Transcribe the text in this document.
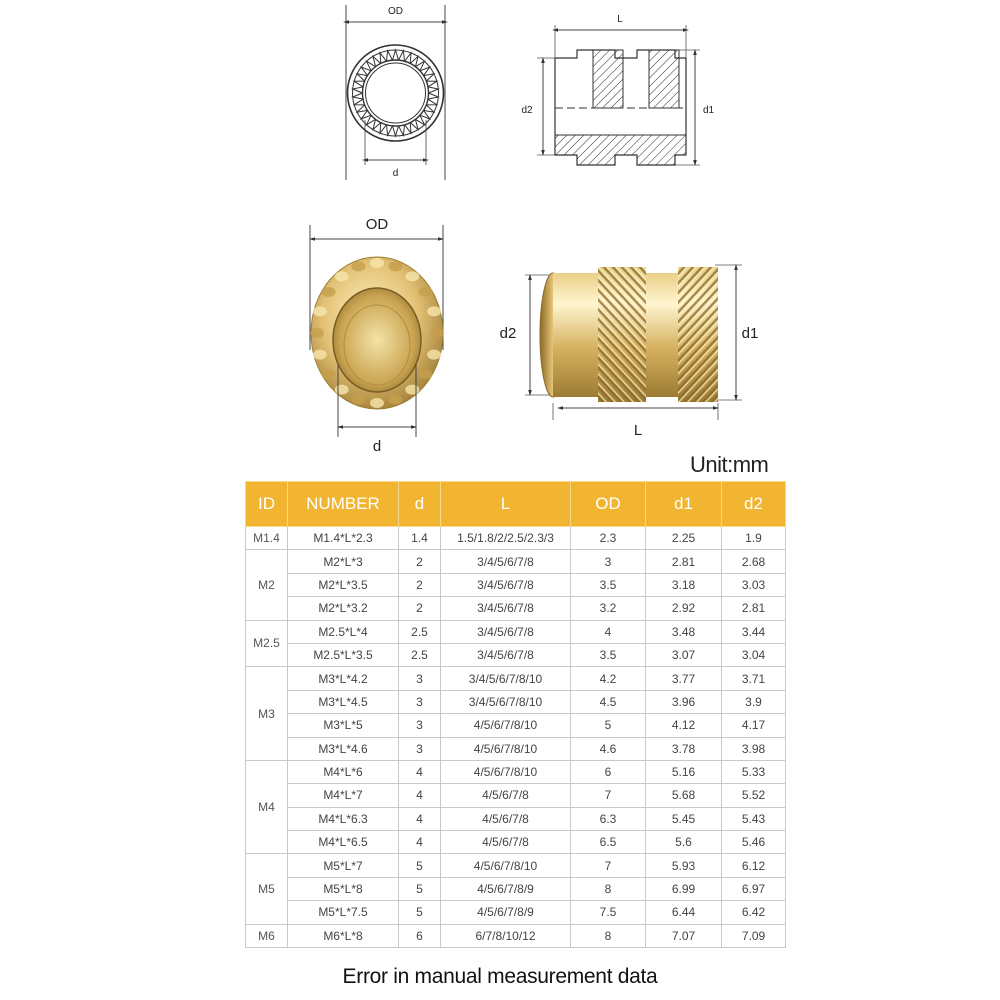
OD
d
L
d2	d1
OD
d
d2	d1
L
Unit:mm
ID	NUMBER	d	L	OD	d1	d2
M1.4	M1.4*L*2.3	1.4	1.5/1.8/2/2.5/2.3/3	2.3	2.25	1.9
M2	M2*L*3	2	3/4/5/6/7/8	3	2.81	2.68
	M2*L*3.5	2	3/4/5/6/7/8	3.5	3.18	3.03
	M2*L*3.2	2	3/4/5/6/7/8	3.2	2.92	2.81
M2.5	M2.5*L*4	2.5	3/4/5/6/7/8	4	3.48	3.44
	M2.5*L*3.5	2.5	3/4/5/6/7/8	3.5	3.07	3.04
M3	M3*L*4.2	3	3/4/5/6/7/8/10	4.2	3.77	3.71
	M3*L*4.5	3	3/4/5/6/7/8/10	4.5	3.96	3.9
	M3*L*5	3	4/5/6/7/8/10	5	4.12	4.17
	M3*L*4.6	3	4/5/6/7/8/10	4.6	3.78	3.98
M4	M4*L*6	4	4/5/6/7/8/10	6	5.16	5.33
	M4*L*7	4	4/5/6/7/8	7	5.68	5.52
	M4*L*6.3	4	4/5/6/7/8	6.3	5.45	5.43
	M4*L*6.5	4	4/5/6/7/8	6.5	5.6	5.46
M5	M5*L*7	5	4/5/6/7/8/10	7	5.93	6.12
	M5*L*8	5	4/5/6/7/8/9	8	6.99	6.97
	M5*L*7.5	5	4/5/6/7/8/9	7.5	6.44	6.42
M6	M6*L*8	6	6/7/8/10/12	8	7.07	7.09
Error in manual measurement data
